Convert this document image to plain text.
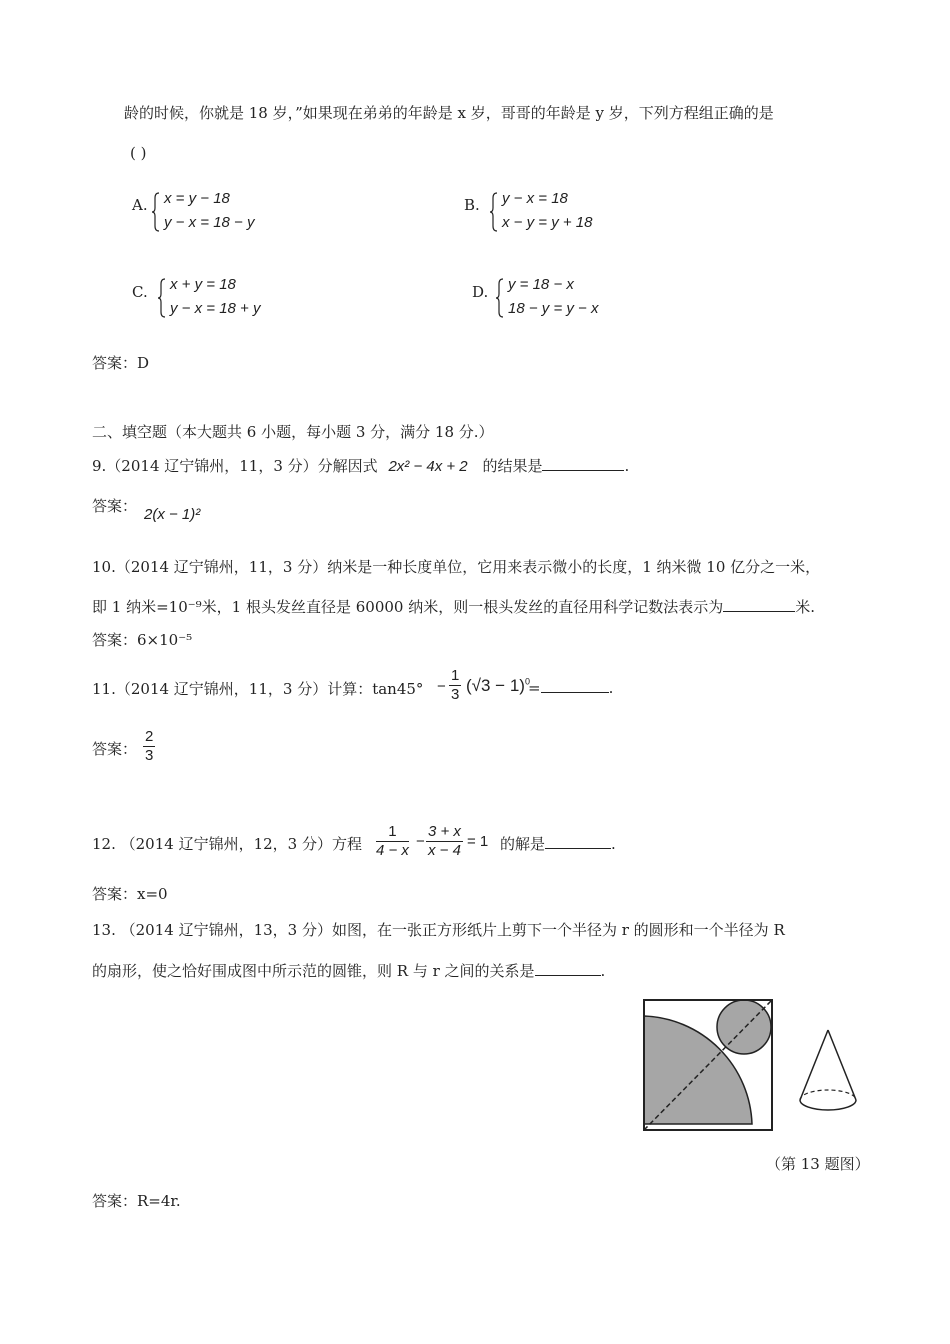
龄的时候，你就是 18 岁，”如果现在弟弟的年龄是 x 岁，哥哥的年龄是 y 岁，下列方程组正确的是
( )
A. x = y − 18
y − x = 18 − y
B. y − x = 18
x − y = y + 18
C. x + y = 18
y − x = 18 + y
D. y = 18 − x
18 − y = y − x
答案：D
二、填空题（本大题共 6 小题，每小题 3 分，满分 18 分.）
9.（2014 辽宁锦州，11，3 分）分解因式 2x² − 4x + 2 的结果是	.
答案： 2(x − 1)²
10.（2014 辽宁锦州，11，3 分）纳米是一种长度单位，它用来表示微小的长度，1 纳米微 10 亿分之一米，
即 1 纳米=10⁻⁹米，1 根头发丝直径是 60000 纳米，则一根头发丝的直径用科学记数法表示为	米.
答案：6×10⁻⁵
11.（2014 辽宁锦州，11，3 分）计算：$\tan 45^\circ - \frac{1}{3} (√3 - 1)^0$
=	.
答案： $\frac{2}{3}$
12. （2014 辽宁锦州，12，3 分）方程 $\frac{1}{4 - x} - \frac{3 + x}{x - 4} = 1$ 的解是	.
答案：x=0
13. （2014 辽宁锦州，13，3 分）如图，在一张正方形纸片上剪下一个半径为 r 的圆形和一个半径为 R
的扇形，使之恰好围成图中所示范的圆锥，则 R 与 r 之间的关系是	.
（第 13 题图）
答案：R=4r.
